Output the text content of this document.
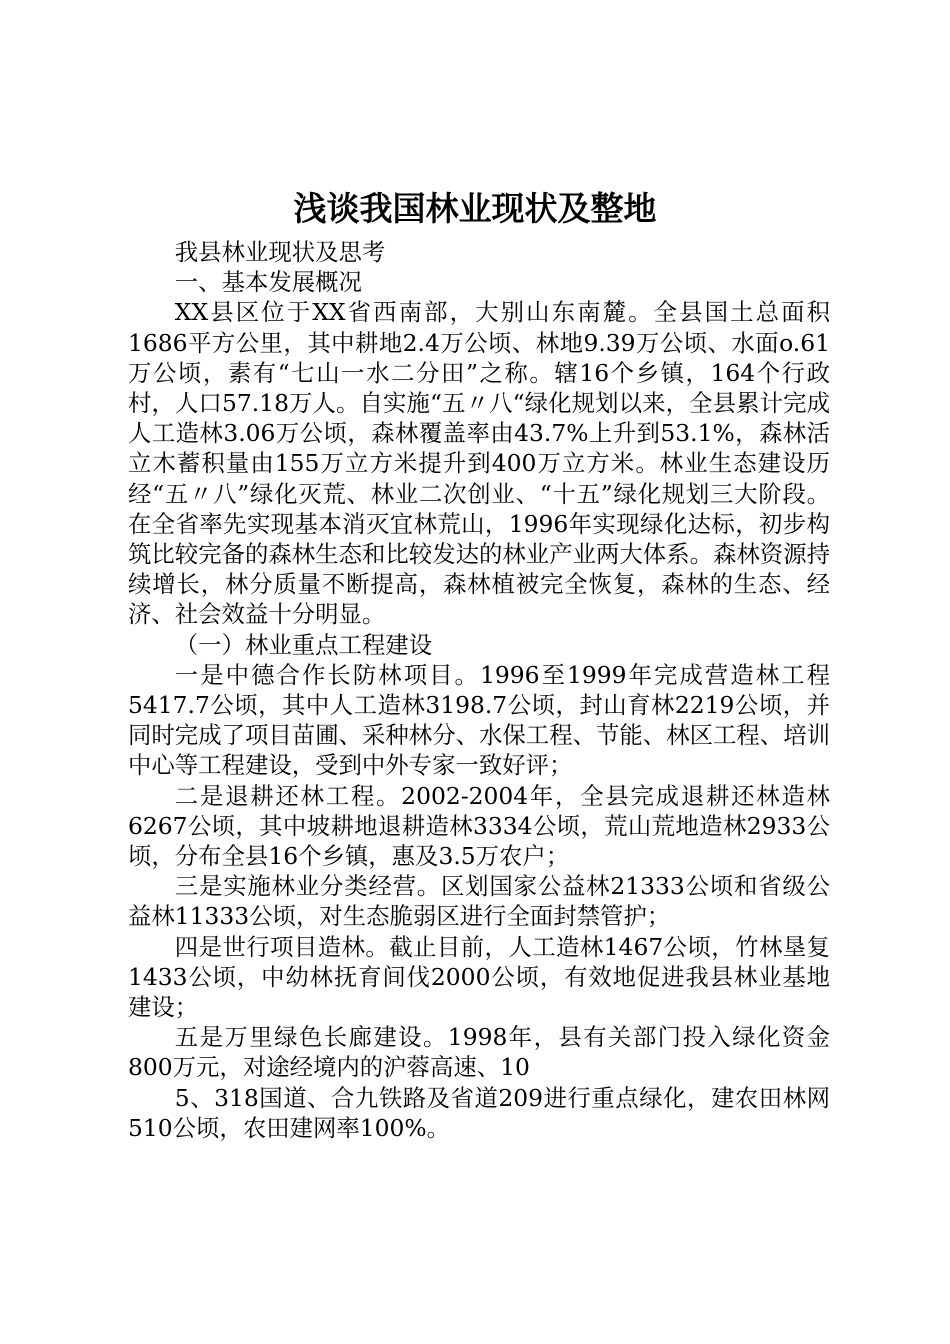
浅谈我国林业现状及整地

我县林业现状及思考

一、基本发展概况

XX县区位于XX省西南部，大别山东南麓。全县国土总面积1686平方公里，其中耕地2.4万公顷、林地9.39万公顷、水面o.61万公顷，素有“七山一水二分田”之称。辖16个乡镇，164个行政村，人口57.18万人。自实施“五〃八“绿化规划以来，全县累计完成人工造林3.06万公顷，森林覆盖率由43.7%上升到53.1%，森林活立木蓄积量由155万立方米提升到400万立方米。林业生态建设历经“五〃八”绿化灭荒、林业二次创业、“十五”绿化规划三大阶段。在全省率先实现基本消灭宜林荒山，1996年实现绿化达标，初步构筑比较完备的森林生态和比较发达的林业产业两大体系。森林资源持续增长，林分质量不断提高，森林植被完全恢复，森林的生态、经济、社会效益十分明显。

（一）林业重点工程建设

一是中德合作长防林项目。1996至1999年完成营造林工程5417.7公顷，其中人工造林3198.7公顷，封山育林2219公顷，并同时完成了项目苗圃、采种林分、水保工程、节能、林区工程、培训中心等工程建设，受到中外专家一致好评；

二是退耕还林工程。2002-2004年，全县完成退耕还林造林6267公顷，其中坡耕地退耕造林3334公顷，荒山荒地造林2933公顷，分布全县16个乡镇，惠及3.5万农户；

三是实施林业分类经营。区划国家公益林21333公顷和省级公益林11333公顷，对生态脆弱区进行全面封禁管护；

四是世行项目造林。截止目前，人工造林1467公顷，竹林垦复1433公顷，中幼林抚育间伐2000公顷，有效地促进我县林业基地建设；

五是万里绿色长廊建设。1998年，县有关部门投入绿化资金800万元，对途经境内的沪蓉高速、10

5、318国道、合九铁路及省道209进行重点绿化，建农田林网510公顷，农田建网率100%。
